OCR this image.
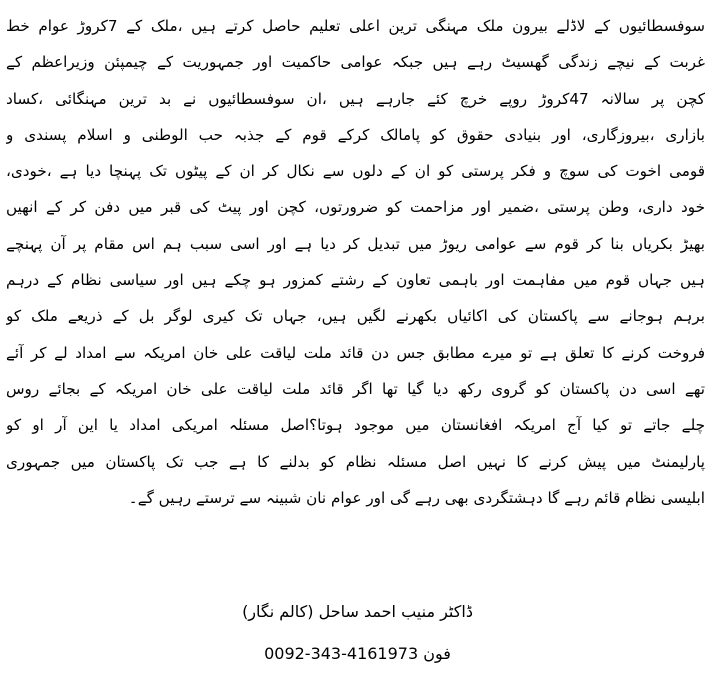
سوفسطائیوں کے لاڈلے بیرون ملک مہنگی ترین اعلی تعلیم حاصل کرتے ہیں ،ملک کے 7کروڑ عوام خط
غربت کے نیچے زندگی گھسیٹ رہے ہیں جبکہ عوامی حاکمیت اور جمہوریت کے چیمپئن وزیراعظم کے
کچن پر سالانہ 47کروڑ روپے خرچ کئے جارہے ہیں ،ان سوفسطائیوں نے بد ترین مہنگائی ،کساد
بازاری ،بیروزگاری، اور بنیادی حقوق کو پامالک کرکے قوم کے جذبہ حب الوطنی و اسلام پسندی و
قومی اخوت کی سوچ و فکر پرستی کو ان کے دلوں سے نکال کر ان کے پیٹوں تک پہنچا دیا ہے ،خودی،
خود داری، وطن پرستی ،ضمیر اور مزاحمت کو ضرورتوں، کچن اور پیٹ کی قبر میں دفن کر کے انھیں
بھیڑ بکریاں بنا کر قوم سے عوامی ریوڑ میں تبدیل کر دیا ہے اور اسی سبب ہم اس مقام پر آن پہنچے
ہیں جہاں قوم میں مفاہمت اور باہمی تعاون کے رشتے کمزور ہو چکے ہیں اور سیاسی نظام کے درہم
برہم ہوجانے سے پاکستان کی اکائیاں بکھرنے لگیں ہیں، جہاں تک کیری لوگر بل کے ذریعے ملک کو
فروخت کرنے کا تعلق ہے تو میرے مطابق جس دن قائد ملت لیاقت علی خان امریکہ سے امداد لے کر آئے
تھے اسی دن پاکستان کو گروی رکھ دیا گیا تھا اگر قائد ملت لیاقت علی خان امریکہ کے بجائے روس
چلے جاتے تو کیا آج امریکہ افغانستان میں موجود ہوتا؟اصل مسئلہ امریکی امداد یا این آر او کو
پارلیمنٹ میں پیش کرنے کا نہیں اصل مسئلہ نظام کو بدلنے کا ہے جب تک پاکستان میں جمہوری
ابلیسی نظام قائم رہے گا دہشتگردی بھی رہے گی اور عوام نان شبینہ سے ترستے رہیں گے۔
ڈاکٹر منیب احمد ساحل (کالم نگار)
فون 0092-343-4161973
